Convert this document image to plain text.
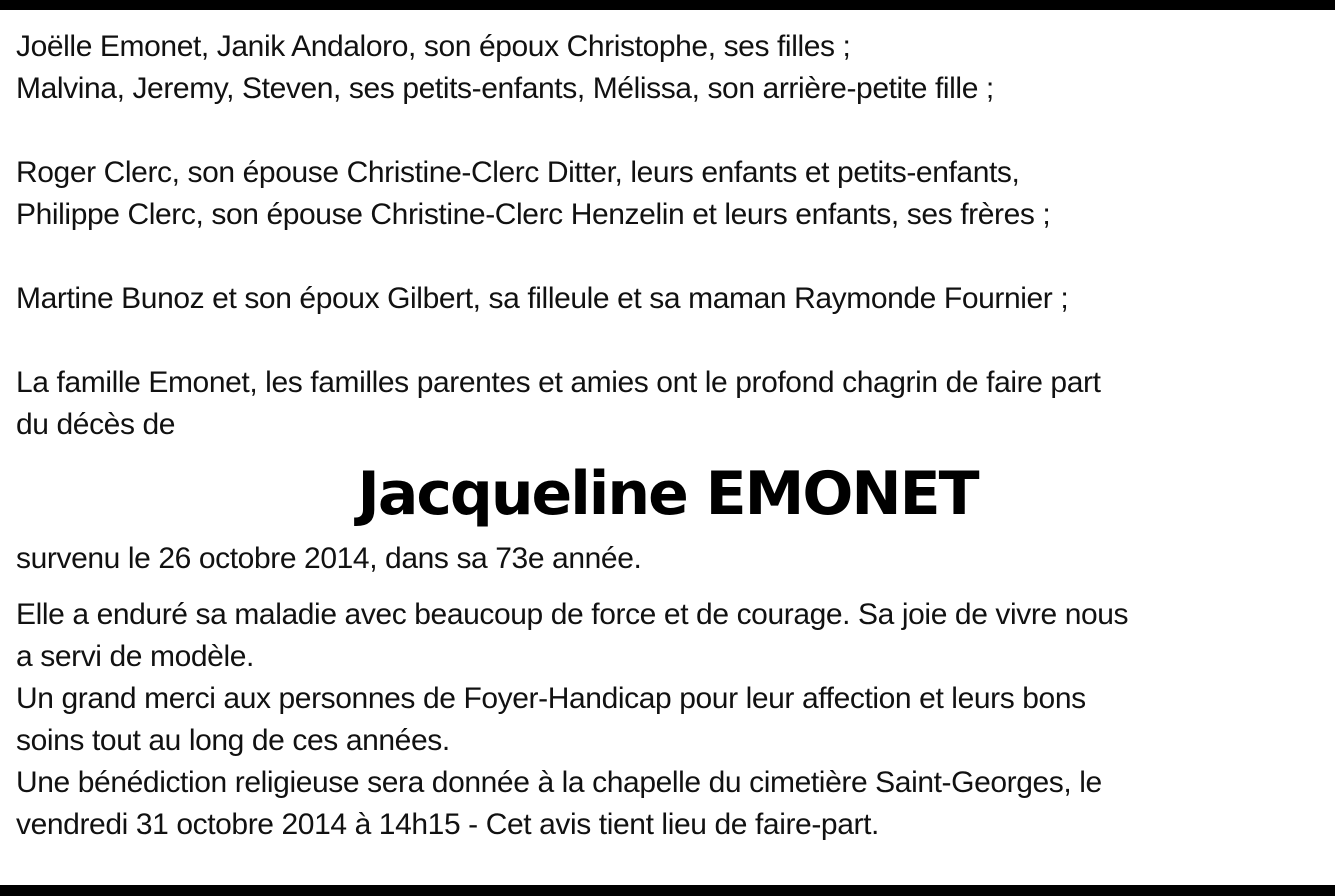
Joëlle Emonet, Janik Andaloro, son époux Christophe, ses filles ;
Malvina, Jeremy, Steven, ses petits-enfants, Mélissa, son arrière-petite fille ;
Roger Clerc, son épouse Christine-Clerc Ditter, leurs enfants et petits-enfants,
Philippe Clerc, son épouse Christine-Clerc Henzelin et leurs enfants, ses frères ;
Martine Bunoz et son époux Gilbert, sa filleule et sa maman Raymonde Fournier ;
La famille Emonet, les familles parentes et amies ont le profond chagrin de faire part
du décès de
Jacqueline EMONET
survenu le 26 octobre 2014, dans sa 73e année.
Elle a enduré sa maladie avec beaucoup de force et de courage. Sa joie de vivre nous
a servi de modèle.
Un grand merci aux personnes de Foyer-Handicap pour leur affection et leurs bons
soins tout au long de ces années.
Une bénédiction religieuse sera donnée à la chapelle du cimetière Saint-Georges, le
vendredi 31 octobre 2014 à 14h15 - Cet avis tient lieu de faire-part.
